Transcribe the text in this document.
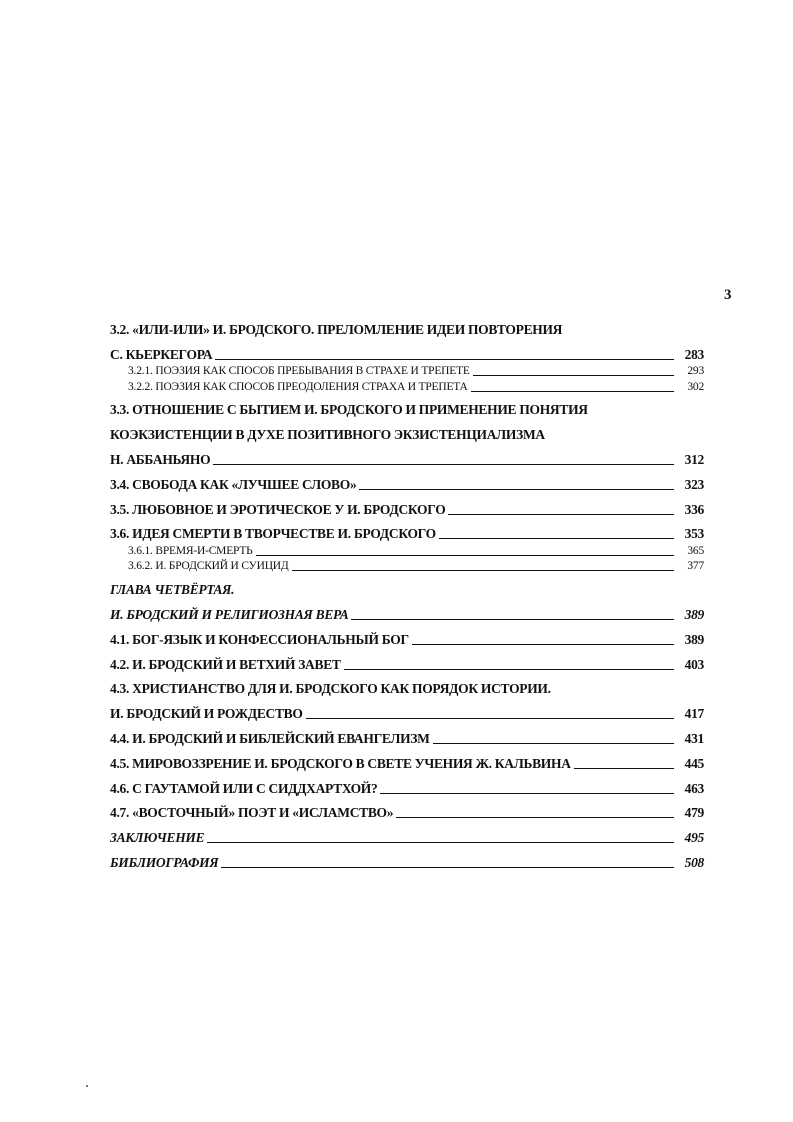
3
3.2. «ИЛИ-ИЛИ» И. БРОДСКОГО. ПРЕЛОМЛЕНИЕ ИДЕИ ПОВТОРЕНИЯ
С. КЬЕРКЕГОРА	283
3.2.1. ПОЭЗИЯ КАК СПОСОБ ПРЕБЫВАНИЯ В СТРАХЕ И ТРЕПЕТЕ	293
3.2.2. ПОЭЗИЯ КАК СПОСОБ ПРЕОДОЛЕНИЯ СТРАХА И ТРЕПЕТА	302
3.3. ОТНОШЕНИЕ С БЫТИЕМ И. БРОДСКОГО И ПРИМЕНЕНИЕ ПОНЯТИЯ
КОЭКЗИСТЕНЦИИ В ДУХЕ ПОЗИТИВНОГО ЭКЗИСТЕНЦИАЛИЗМА
Н. АББАНЬЯНО	312
3.4. СВОБОДА КАК «ЛУЧШЕЕ СЛОВО»	323
3.5. ЛЮБОВНОЕ И ЭРОТИЧЕСКОЕ У И. БРОДСКОГО	336
3.6. ИДЕЯ СМЕРТИ В ТВОРЧЕСТВЕ И. БРОДСКОГО	353
3.6.1. ВРЕМЯ-И-СМЕРТЬ	365
3.6.2. И. БРОДСКИЙ И СУИЦИД	377
ГЛАВА ЧЕТВЁРТАЯ.
И. БРОДСКИЙ И РЕЛИГИОЗНАЯ ВЕРА	389
4.1. БОГ-ЯЗЫК И КОНФЕССИОНАЛЬНЫЙ БОГ	389
4.2. И. БРОДСКИЙ И ВЕТХИЙ ЗАВЕТ	403
4.3. ХРИСТИАНСТВО ДЛЯ И. БРОДСКОГО КАК ПОРЯДОК ИСТОРИИ.
И. БРОДСКИЙ И РОЖДЕСТВО	417
4.4. И. БРОДСКИЙ И БИБЛЕЙСКИЙ ЕВАНГЕЛИЗМ	431
4.5. МИРОВОЗЗРЕНИЕ И. БРОДСКОГО В СВЕТЕ УЧЕНИЯ Ж. КАЛЬВИНА	445
4.6. С ГАУТАМОЙ ИЛИ С СИДДХАРТХОЙ?	463
4.7. «ВОСТОЧНЫЙ» ПОЭТ И «ИСЛАМСТВО»	479
ЗАКЛЮЧЕНИЕ	495
БИБЛИОГРАФИЯ	508
